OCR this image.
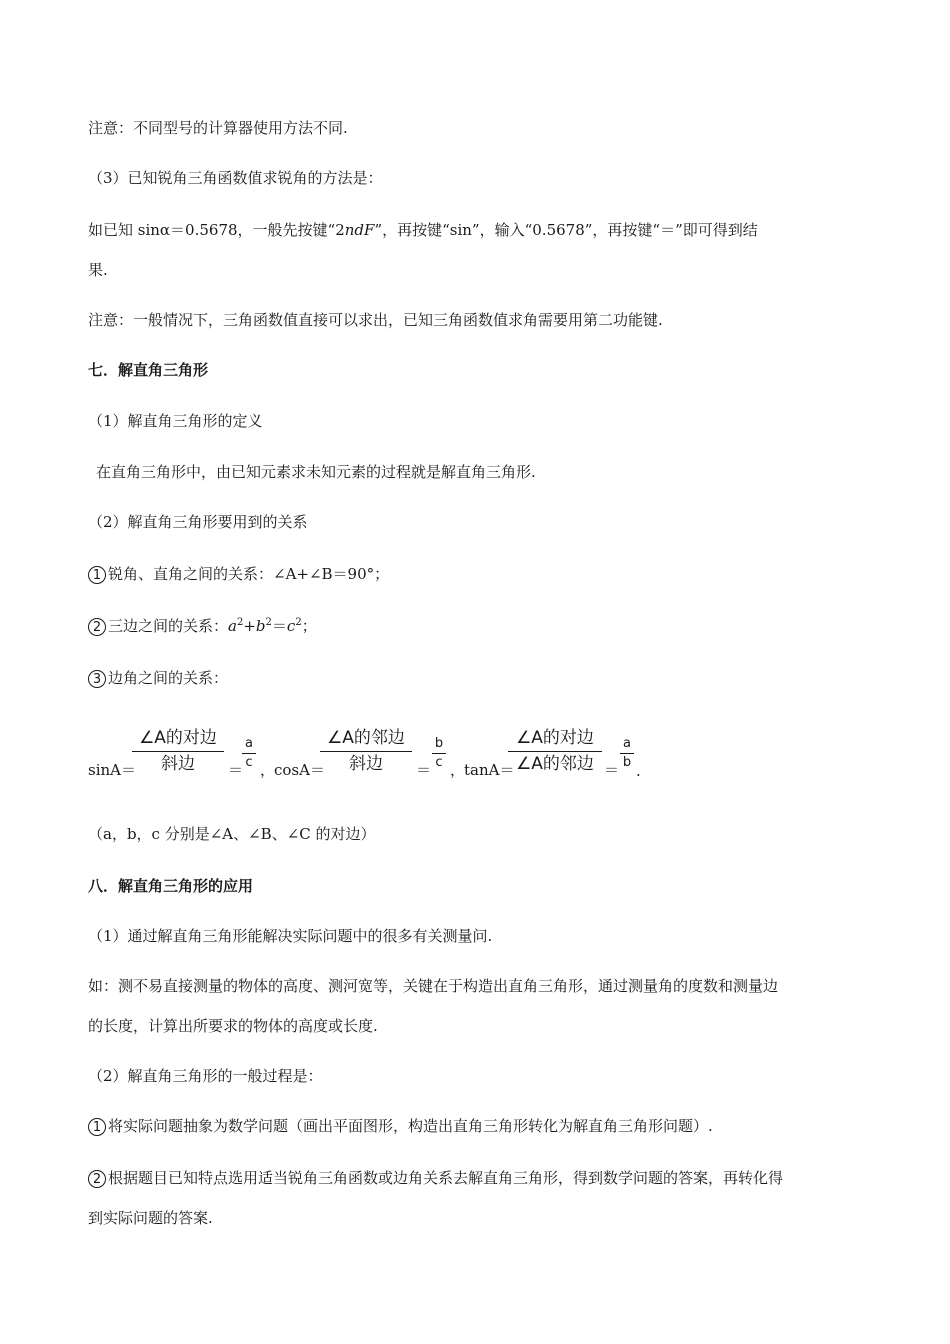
注意：不同型号的计算器使用方法不同.
（3）已知锐角三角函数值求锐角的方法是：
如已知 sinα＝0.5678，一般先按键“2ndF”，再按键“sin”，输入“0.5678”，再按键“＝”即可得到结
果.
注意：一般情况下，三角函数值直接可以求出，已知三角函数值求角需要用第二功能键.
七．解直角三角形
（1）解直角三角形的定义
在直角三角形中，由已知元素求未知元素的过程就是解直角三角形.
（2）解直角三角形要用到的关系
1 锐角、直角之间的关系：∠A+∠B＝90°；
2 三边之间的关系：$a^2+b^2=c^2$；
3 边角之间的关系：
sinA＝
∠A的对边
斜边	＝
a
c ，
cosA＝
∠A的邻边
斜边	＝
b
c ，
tanA＝
∠A的对边
∠A的邻边 ＝
a
b .
（a，b，c 分别是∠A、∠B、∠C 的对边）
八．解直角三角形的应用
（1）通过解直角三角形能解决实际问题中的很多有关测量问.
如：测不易直接测量的物体的高度、测河宽等，关键在于构造出直角三角形，通过测量角的度数和测量边
的长度，计算出所要求的物体的高度或长度.
（2）解直角三角形的一般过程是：
1 将实际问题抽象为数学问题（画出平面图形，构造出直角三角形转化为解直角三角形问题）.
2 根据题目已知特点选用适当锐角三角函数或边角关系去解直角三角形，得到数学问题的答案，再转化得
到实际问题的答案.
